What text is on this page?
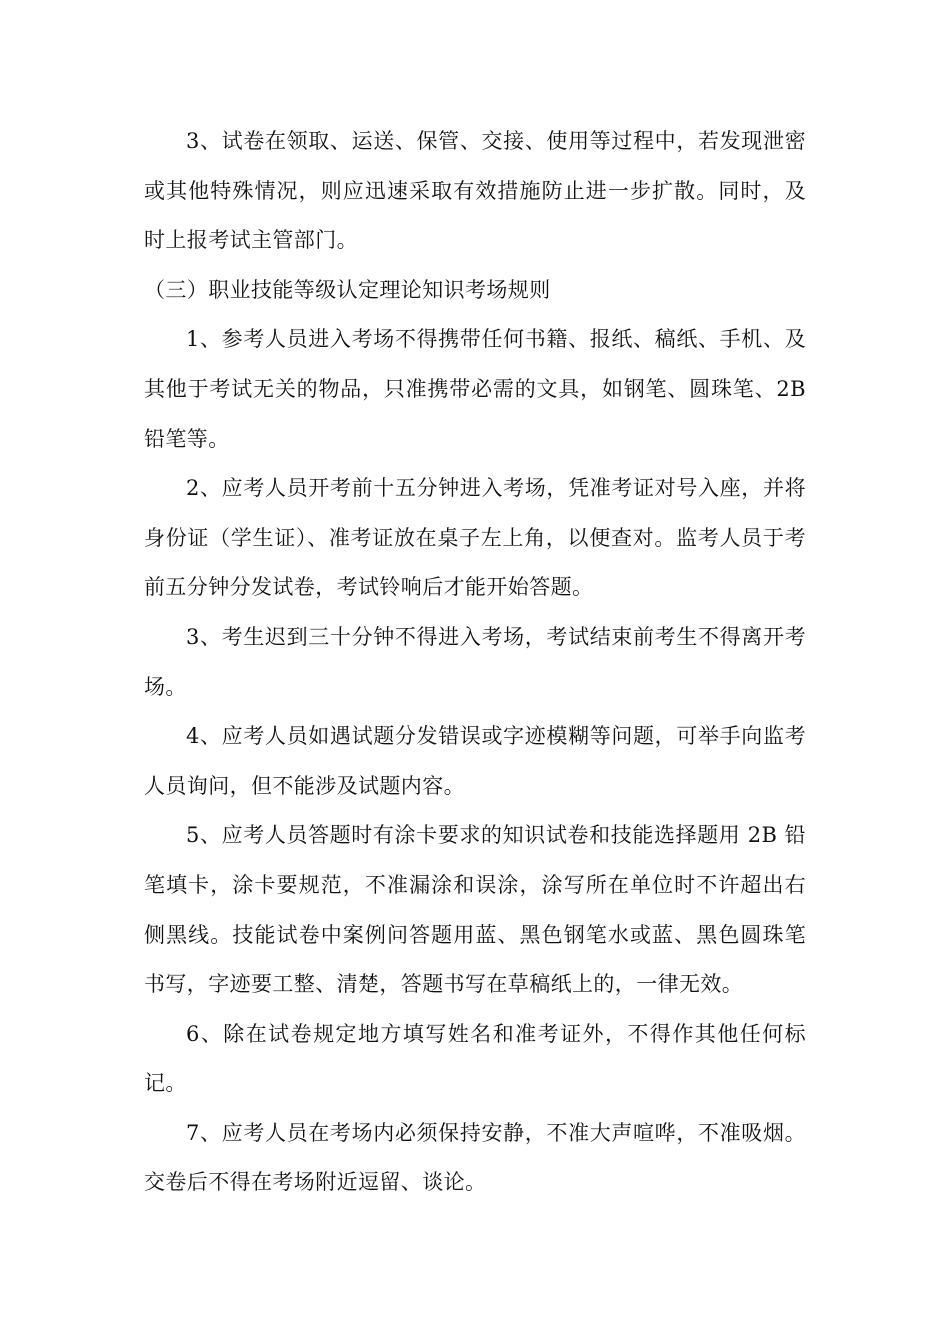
3、试卷在领取、运送、保管、交接、使用等过程中，若发现泄密或其他特殊情况，则应迅速采取有效措施防止进一步扩散。同时，及时上报考试主管部门。

（三）职业技能等级认定理论知识考场规则

1、参考人员进入考场不得携带任何书籍、报纸、稿纸、手机、及其他于考试无关的物品，只准携带必需的文具，如钢笔、圆珠笔、2B 铅笔等。

2、应考人员开考前十五分钟进入考场，凭准考证对号入座，并将身份证（学生证）、准考证放在桌子左上角，以便查对。监考人员于考前五分钟分发试卷，考试铃响后才能开始答题。

3、考生迟到三十分钟不得进入考场，考试结束前考生不得离开考场。

4、应考人员如遇试题分发错误或字迹模糊等问题，可举手向监考人员询问，但不能涉及试题内容。

5、应考人员答题时有涂卡要求的知识试卷和技能选择题用 2B 铅笔填卡，涂卡要规范，不准漏涂和误涂，涂写所在单位时不许超出右侧黑线。技能试卷中案例问答题用蓝、黑色钢笔水或蓝、黑色圆珠笔书写，字迹要工整、清楚，答题书写在草稿纸上的，一律无效。

6、除在试卷规定地方填写姓名和准考证外，不得作其他任何标记。

7、应考人员在考场内必须保持安静，不准大声喧哗，不准吸烟。交卷后不得在考场附近逗留、谈论。
